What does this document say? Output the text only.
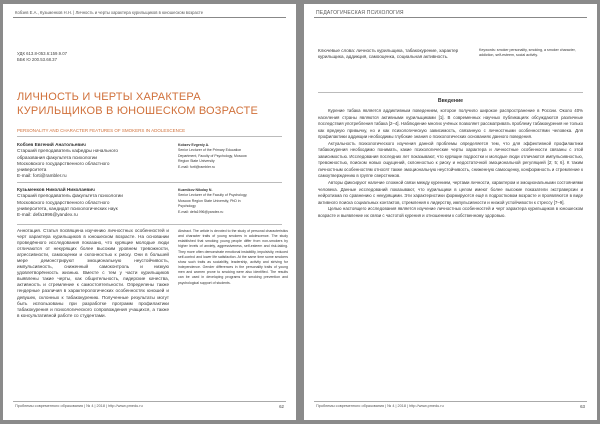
Кобзев Е.А., Кузьменков Н.Н. | Личность и черты характера курильщиков в юношеском возрасте
УДК 613.8-053.6:159.9.07
ББК Ю 200.53.68.37
ЛИЧНОСТЬ И ЧЕРТЫ ХАРАКТЕРА КУРИЛЬЩИКОВ В ЮНОШЕСКОМ ВОЗРАСТЕ
PERSONALITY AND CHARACTER FEATURES OF SMOKERS IN ADOLESCENCE
Кобзев Евгений Анатольевич
Старший преподаватель кафедры начального
образования факультета психологии
Московского государственного областного
университета
E-mail: forti@rambler.ru
Kobzev Evgeniy A.
Senior Lecturer of the Primary Education
Department, Faculty of Psychology, Moscow
Region State University
E-mail: forti@rambler.ru
Кузьменков Николай Николаевич
Старший преподаватель факультета психологии
Московского государственного областного
университета, кандидат психологических наук
E-mail: defa1996@yandex.ru
Kuzmikov Nikolay N.
Senior Lecturer of the Faculty of Psychology,
Moscow Region State University, PhD in
Psychology
E-mail: defa1996@yandex.ru
Аннотация. Статья посвящена изучению личностных особенностей и черт характера курильщиков в юношеском возрасте. На основании проведённого исследования показано, что курящие молодые люди отличаются от некурящих более высоким уровнем тревожности, агрессивности, самооценки и склонностью к риску. Они в большей мере демонстрируют эмоциональную неустойчивость, импульсивность, сниженный самоконтроль и низкую удовлетворённость жизнью. Вместе с тем у части курильщиков выявлены такие черты, как общительность, лидерские качества, активность и стремление к самостоятельности. Определены также гендерные различия в характерологических особенностях юношей и девушек, склонных к табакокурению. Полученные результаты могут быть использованы при разработке программ профилактики табакокурения и психологического сопровождения учащихся, а также в консультативной работе со студентами.
Abstract. The article is devoted to the study of personal characteristics and character traits of young smokers in adolescence. The study established that smoking young people differ from non-smokers by higher levels of anxiety, aggressiveness, self-esteem and risk-taking. They more often demonstrate emotional instability, impulsivity, reduced self-control and lower life satisfaction. At the same time some smokers show such traits as sociability, leadership, activity and striving for independence. Gender differences in the personality traits of young men and women prone to smoking were also identified. The results can be used in developing programs for smoking prevention and psychological support of students.
Проблемы современного образования | № 4 | 2018 | http://www.pmedu.ru	62
ПЕДАГОГИЧЕСКАЯ ПСИХОЛОГИЯ
Ключевые слова: личность курильщика, табакокурение, характер курильщика, аддикция, самооценка, социальная активность.
Keywords: smoker personality, smoking, a smoker character, addiction, self-esteem, social activity.
Введение

Курение табака является аддиктивным поведением, которое получило широкое распространение в России. Около 40% населения страны являются активными курильщиками [1]. В современных научных публикациях обсуждаются различные последствия употребления табака [2–4]. Наблюдение многих учёных позволяет рассматривать проблему табакокурения не только как вредную привычку, но и как психологическую зависимость, связанную с личностными особенностями человека. Для профилактики аддикции необходимы глубокие знания о психологических основаниях данного поведения.

Актуальность психологического изучения данной проблемы определяется тем, что для эффективной профилактики табакокурения необходимо понимать, какие психологические черты характера и личностные особенности связаны с этой зависимостью. Исследования последних лет показывают, что курящие подростки и молодые люди отличаются импульсивностью, тревожностью, поиском новых ощущений, склонностью к риску и недостаточной эмоциональной регуляцией [2; 5; 6]. К таким личностным особенностям относят также эмоциональную неустойчивость, сниженную самооценку, конформность и стремление к самоутверждению в группе сверстников.

Авторы фиксируют наличие сложной связи между курением, чертами личности, характером и эмоциональными состояниями человека. Данные исследований показывают, что курильщики в целом имеют более высокие показатели экстраверсии и нейротизма по сравнению с некурящими. Эти характеристики формируются ещё в подростковом возрасте и проявляются в виде активного поиска социальных контактов, стремления к лидерству, импульсивности и низкой устойчивости к стрессу [7–9].

Целью настоящего исследования является изучение личностных особенностей и черт характера курильщиков в юношеском возрасте и выявление их связи с частотой курения и отношением к собственному здоровью.

Проблемы современного образования | № 4 | 2018 | http://www.pmedu.ru	63
